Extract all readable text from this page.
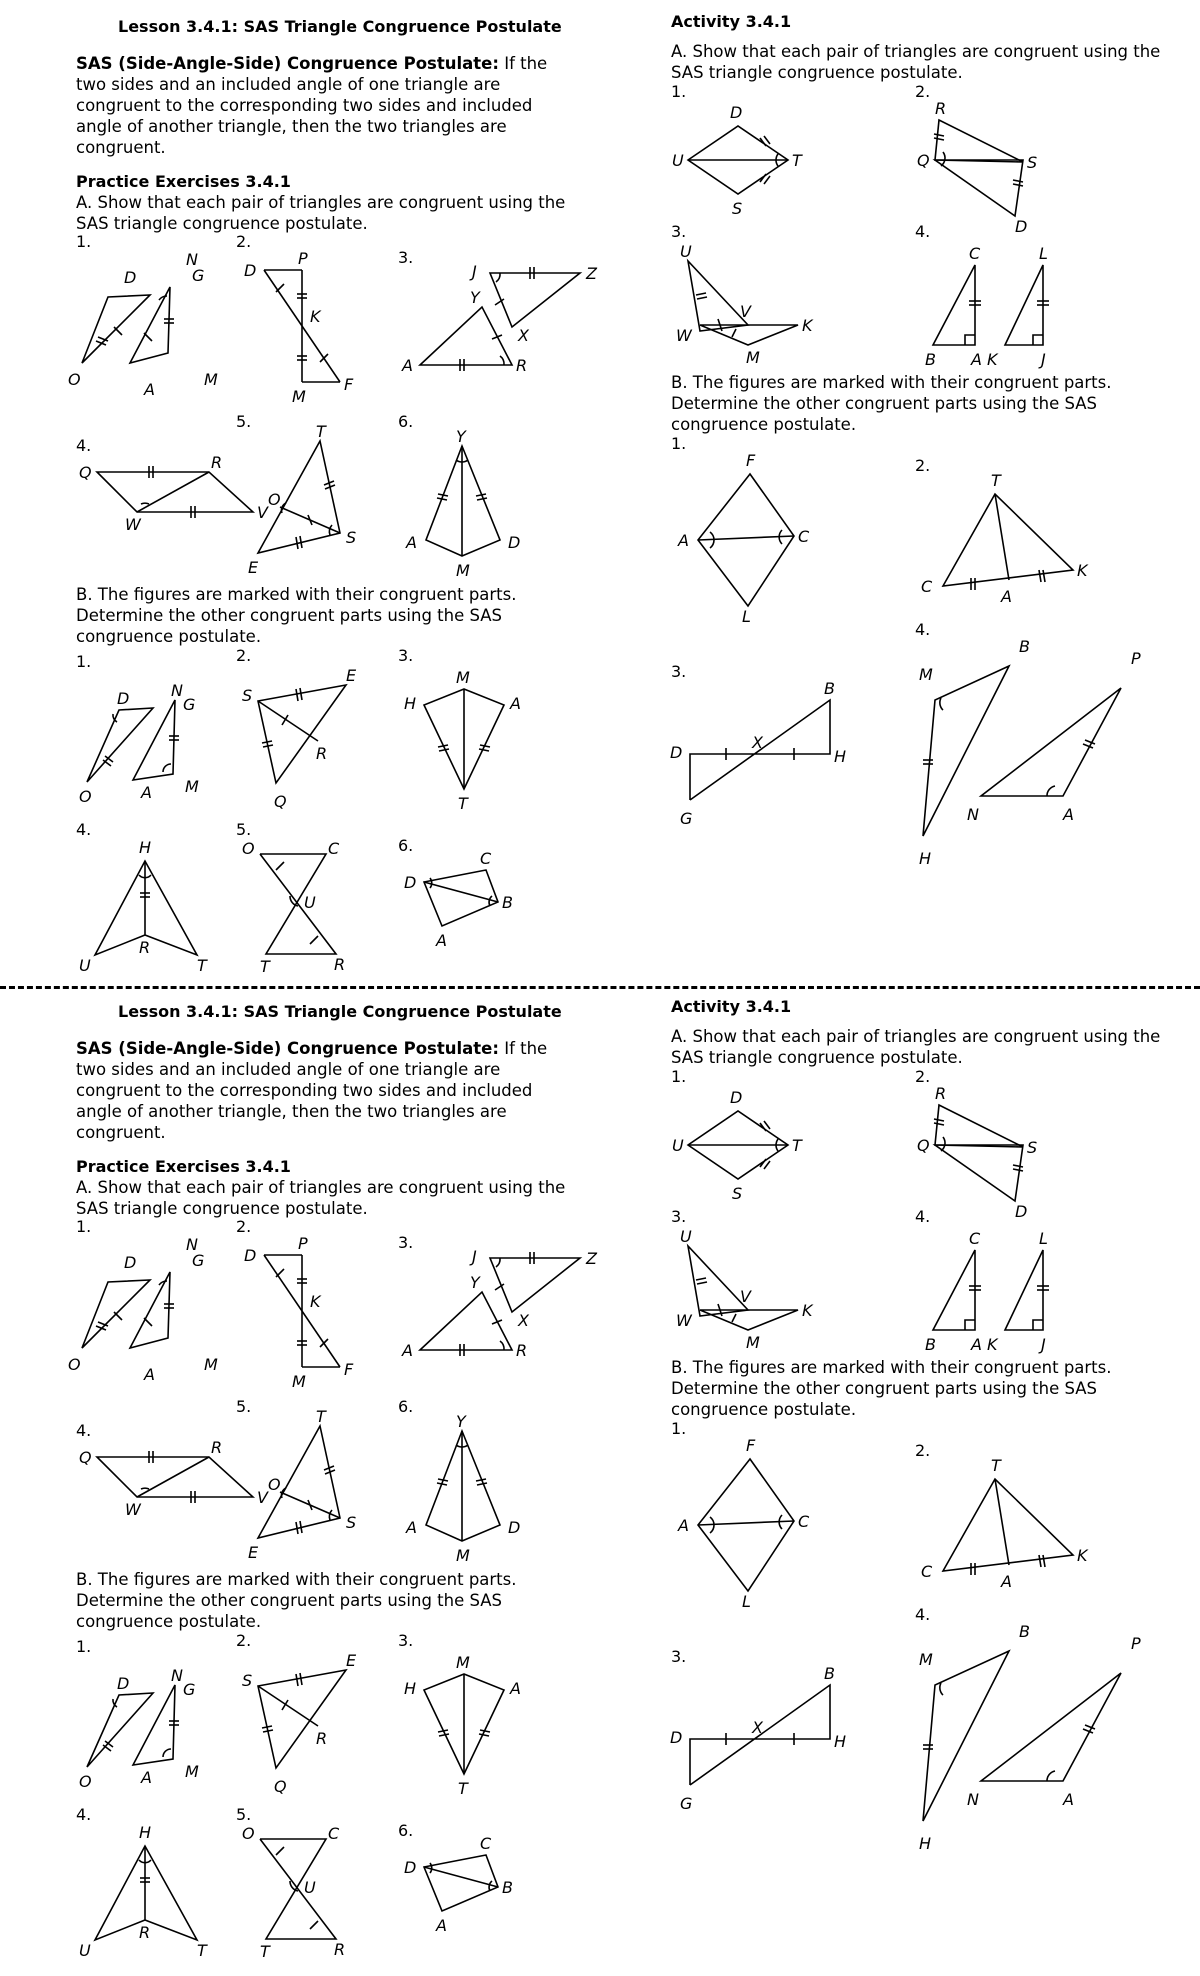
Lesson 3.4.1: SAS Triangle Congruence Postulate
SAS (Side-Angle-Side) Congruence Postulate: If the two sides and an included angle of one triangle are congruent to the corresponding two sides and included angle of another triangle, then the two triangles are congruent.
Practice Exercises 3.4.1
A. Show that each pair of triangles are congruent using the SAS triangle congruence postulate.
B. The figures are marked with their congruent parts. Determine the other congruent parts using the SAS congruence postulate.
Activity 3.4.1
A. Show that each pair of triangles are congruent using the SAS triangle congruence postulate.
B. The figures are marked with their congruent parts. Determine the other congruent parts using the SAS congruence postulate.
1.	2.
3.
4.
5.	6.
1.	2.	3.
4.	5.
6.
1.	2.
3.	4.
1.
2.
3.
4.
D
N
G
O
A
M
D
P
K
M
F
J	Z
Y
X
A	R
Q
R
W
V
T
O
S
E
Y
A	D
M
D	N
G
O	A M
S
E
R
Q
M
H	A
T
H
R
U	T
O	C
U
T	R
C
D
B
A
D
U	T
S
R
Q	S
D
U
V
K
W
M
C	L
B A K	J
F
A	C
L
T
C
A
K
B
D
X
H
G
B
P
M
N	A
H
Lesson 3.4.1: SAS Triangle Congruence Postulate
SAS (Side-Angle-Side) Congruence Postulate: If the two sides and an included angle of one triangle are congruent to the corresponding two sides and included angle of another triangle, then the two triangles are congruent.
Practice Exercises 3.4.1
A. Show that each pair of triangles are congruent using the SAS triangle congruence postulate.
B. The figures are marked with their congruent parts. Determine the other congruent parts using the SAS congruence postulate.
Activity 3.4.1
A. Show that each pair of triangles are congruent using the SAS triangle congruence postulate.
B. The figures are marked with their congruent parts. Determine the other congruent parts using the SAS congruence postulate.
1.	2.
3.
4.
5.	6.
1.	2.	3.
4.	5.
6.
1.	2.
3.	4.
1.
2.
3.
4.
D
N
G
O
A
M
D
P
K
M
F
J	Z
Y
X
A	R
Q
R
W
V
T
O
S
E
Y
A	D
M
D	N
G
O	A M
S
E
R
Q
M
H	A
T
H
R
U	T
O	C
U
T	R
C
D
B
A
D
U	T
S
R
Q	S
D
U
V
K
W
M
C	L
B A K	J
F
A	C
L
T
C
A
K
B
D
X
H
G
B
P
M
N	A
H
